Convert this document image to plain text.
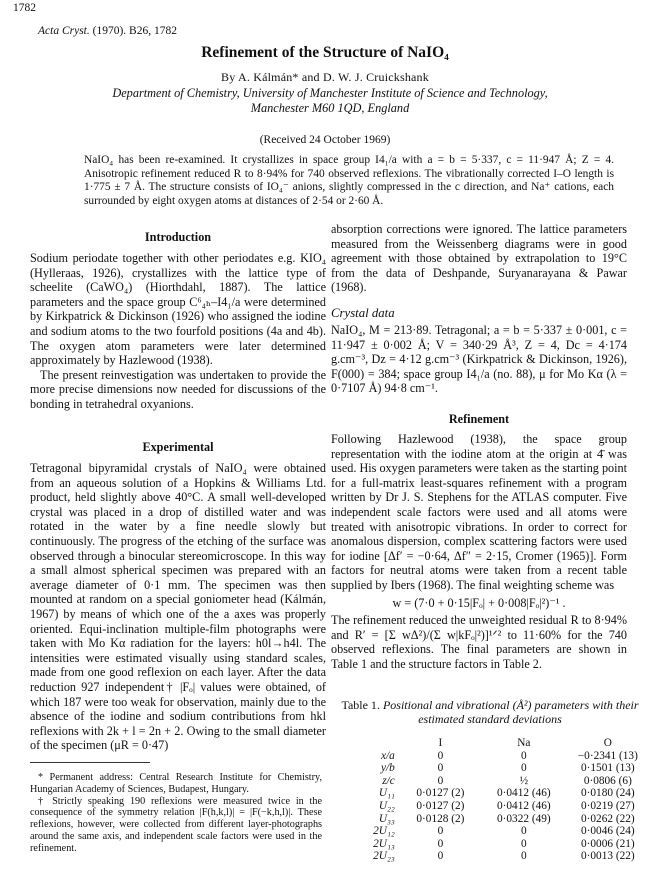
1782
Acta Cryst. (1970). B26, 1782
Refinement of the Structure of NaIO₄
By A. Kálmán* and D. W. J. Cruickshank
Department of Chemistry, University of Manchester Institute of Science and Technology,
Manchester M60 1QD, England
(Received 24 October 1969)
NaIO₄ has been re-examined. It crystallizes in space group I4₁/a with a = b = 5·337, c = 11·947 Å; Z = 4. Anisotropic refinement reduced R to 8·94% for 740 observed reflexions. The vibrationally corrected I–O length is 1·775 ± 7 Å. The structure consists of IO₄⁻ anions, slightly compressed in the c direction, and Na⁺ cations, each surrounded by eight oxygen atoms at distances of 2·54 or 2·60 Å.
Introduction

Sodium periodate together with other periodates e.g. KIO₄ (Hylleraas, 1926), crystallizes with the lattice type of scheelite (CaWO₄) (Hiorthdahl, 1887). The lattice parameters and the space group C⁶₄ₕ–I4₁/a were determined by Kirkpatrick & Dickinson (1926) who assigned the iodine and sodium atoms to the two fourfold positions (4a and 4b). The oxygen atom parameters were later determined approximately by Hazlewood (1938).

The present reinvestigation was undertaken to provide the more precise dimensions now needed for discussions of the bonding in tetrahedral oxyanions.

Experimental

Tetragonal bipyramidal crystals of NaIO₄ were obtained from an aqueous solution of a Hopkins & Williams Ltd. product, held slightly above 40°C. A small well-developed crystal was placed in a drop of distilled water and was rotated in the water by a fine needle slowly but continuously. The progress of the etching of the surface was observed through a binocular stereomicroscope. In this way a small almost spherical specimen was prepared with an average diameter of 0·1 mm. The specimen was then mounted at random on a special goniometer head (Kálmán, 1967) by means of which one of the a axes was properly oriented. Equi-inclination multiple-film photographs were taken with Mo Kα radiation for the layers: h0l→h4l. The intensities were estimated visually using standard scales, made from one good reflexion on each layer. After the data reduction 927 independent† |Fₒ| values were obtained, of which 187 were too weak for observation, mainly due to the absence of the iodine and sodium contributions from hkl reflexions with 2k + l = 2n + 2. Owing to the small diameter of the specimen (μR = 0·47)

* Permanent address: Central Research Institute for Chemistry, Hungarian Academy of Sciences, Budapest, Hungary.

† Strictly speaking 190 reflexions were measured twice in the consequence of the symmetry relation |F(h,k,l)| = |F(−k,h,l)|. These reflexions, however, were collected from different layer-photographs around the same axis, and independent scale factors were used in the refinement.

absorption corrections were ignored. The lattice parameters measured from the Weissenberg diagrams were in good agreement with those obtained by extrapolation to 19°C from the data of Deshpande, Suryanarayana & Pawar (1968).

Crystal data

NaIO₄, M = 213·89. Tetragonal; a = b = 5·337 ± 0·001, c = 11·947 ± 0·002 Å; V = 340·29 Å³, Z = 4, Dc = 4·174 g.cm⁻³, Dz = 4·12 g.cm⁻³ (Kirkpatrick & Dickinson, 1926), F(000) = 384; space group I4₁/a (no. 88), μ for Mo Kα (λ = 0·7107 Å) 94·8 cm⁻¹.

Refinement

Following Hazlewood (1938), the space group representation with the iodine atom at the origin at 4̄ was used. His oxygen parameters were taken as the starting point for a full-matrix least-squares refinement with a program written by Dr J. S. Stephens for the ATLAS computer. Five independent scale factors were used and all atoms were treated with anisotropic vibrations. In order to correct for anomalous dispersion, complex scattering factors were used for iodine [Δf′ = −0·64, Δf″ = 2·15, Cromer (1965)]. Form factors for neutral atoms were taken from a recent table supplied by Ibers (1968). The final weighting scheme was

w = (7·0 + 0·15|Fₒ| + 0·008|Fₒ|²)⁻¹ .

The refinement reduced the unweighted residual R to 8·94% and R′ = [Σ wΔ²)/(Σ w|kFₒ|²)]¹ᐟ² to 11·60% for the 740 observed reflexions. The final parameters are shown in Table 1 and the structure factors in Table 2.

Table 1. Positional and vibrational (Å²) parameters with their estimated standard deviations
	I	Na	O
x/a	0	0	−0·2341 (13)
y/b	0	0	0·1501 (13)
z/c	0	½	0·0806 (6)
U₁₁	0·0127 (2)	0·0412 (46)	0·0180 (24)
U₂₂	0·0127 (2)	0·0412 (46)	0·0219 (27)
U₃₃	0·0128 (2)	0·0322 (49)	0·0262 (22)
2U₁₂	0	0	0·0046 (24)
2U₁₃	0	0	0·0006 (21)
2U₂₃	0	0	0·0013 (22)
